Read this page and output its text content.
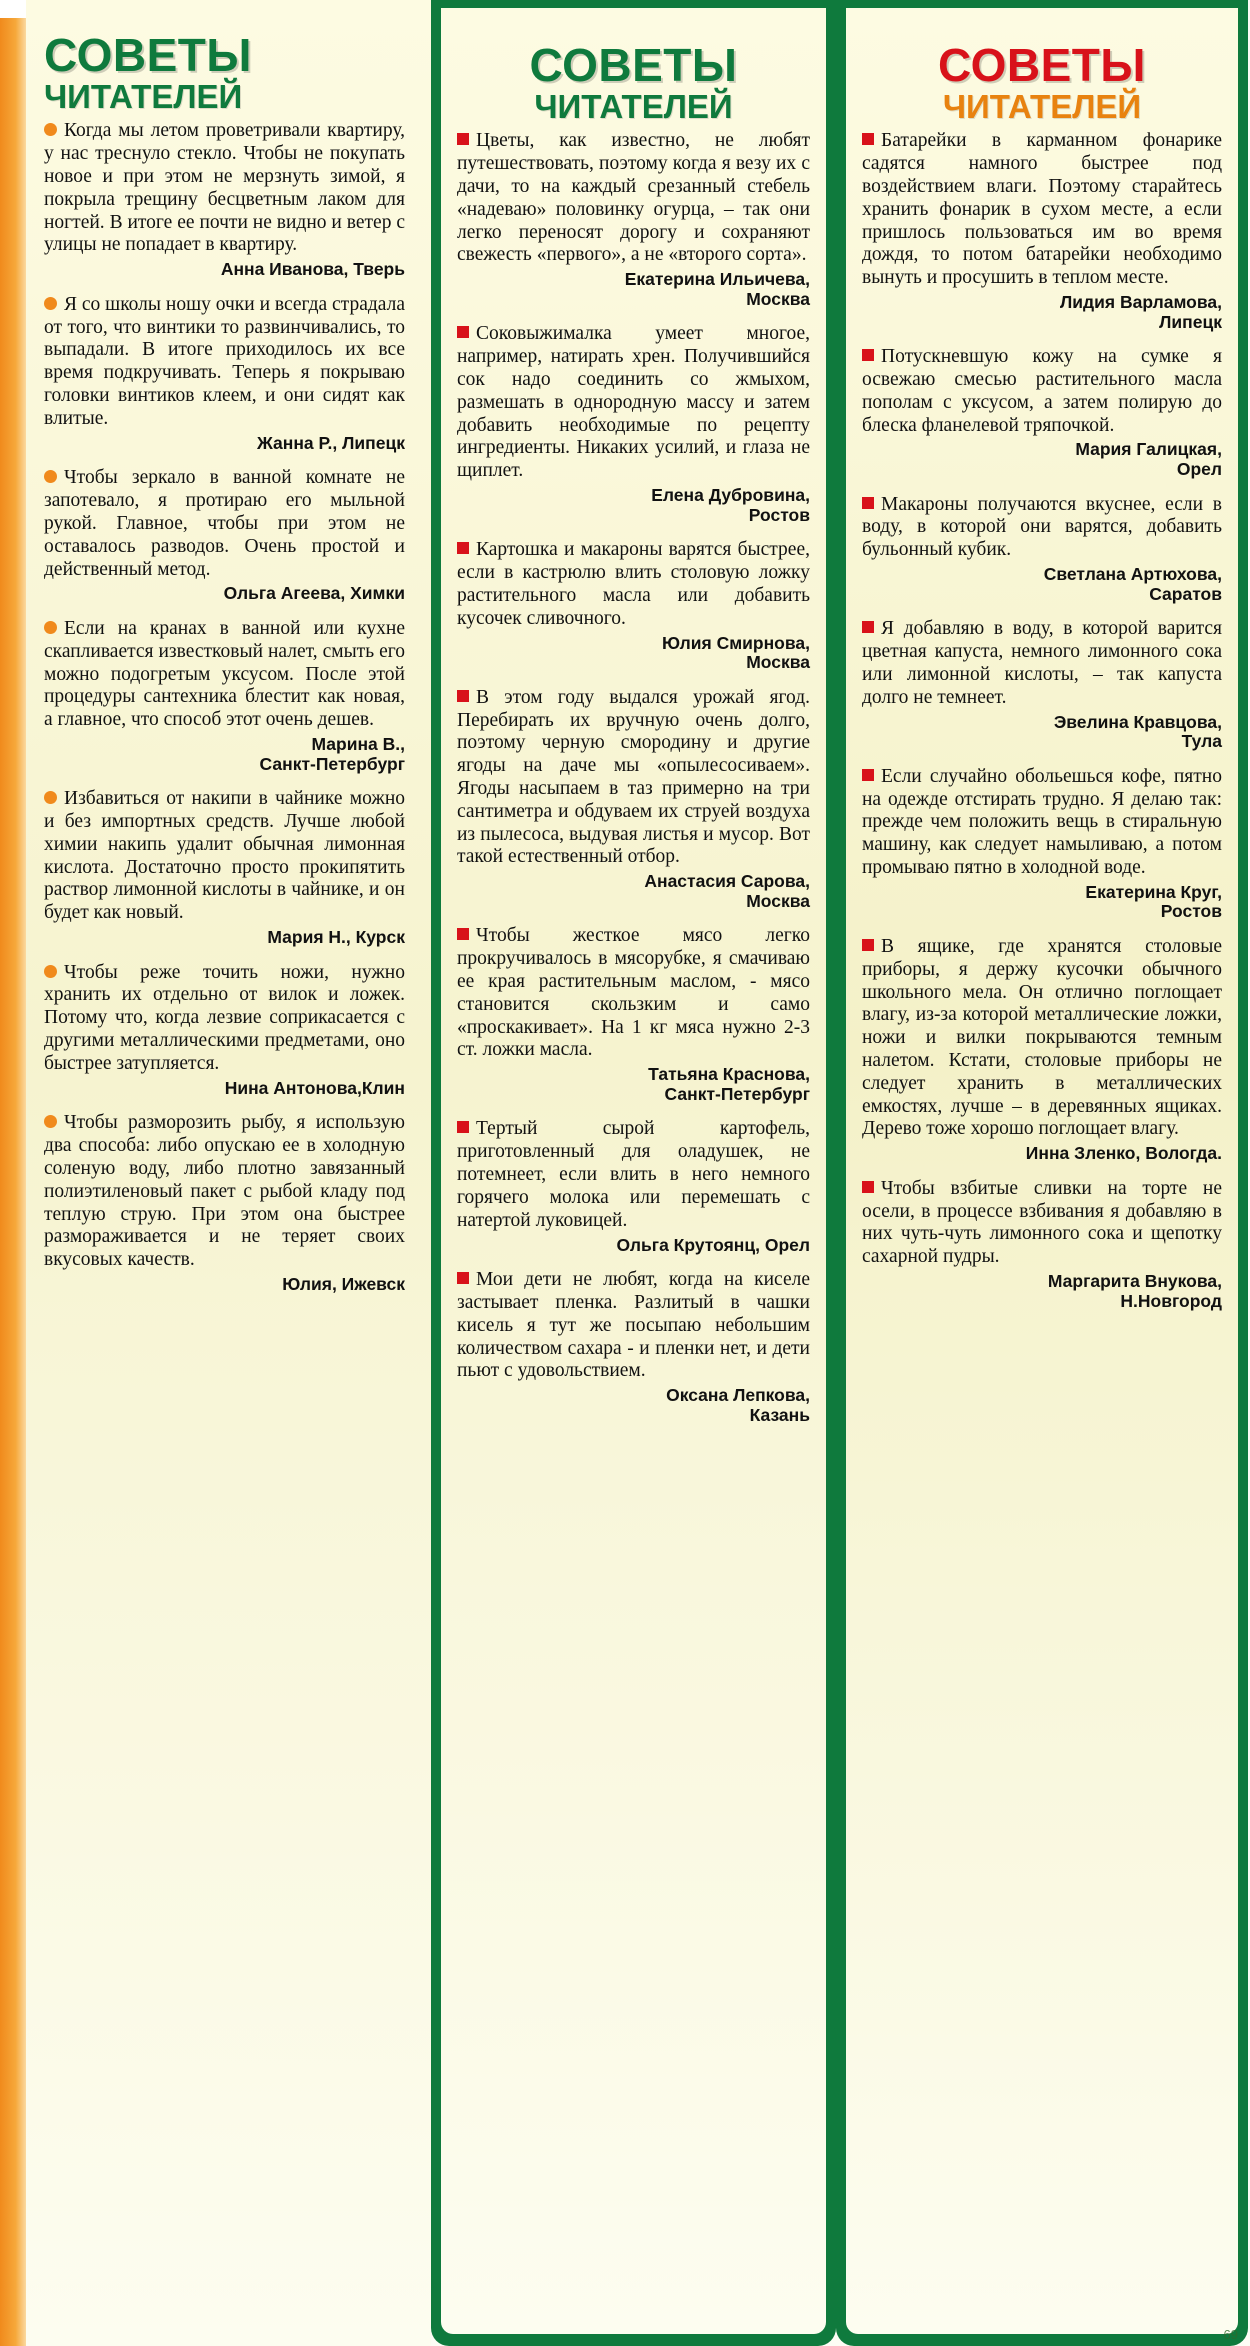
СОВЕТЫ
ЧИТАТЕЛЕЙ

Когда мы летом проветривали квартиру, у нас треснуло стекло. Чтобы не покупать новое и при этом не мерзнуть зимой, я покрыла трещину бесцветным лаком для ногтей. В итоге ее почти не видно и ветер с улицы не попадает в квартиру.

Анна Иванова, Тверь

Я со школы ношу очки и всегда страдала от того, что винтики то развинчивались, то выпадали. В итоге приходилось их все время подкручивать. Теперь я покрываю головки винтиков клеем, и они сидят как влитые.

Жанна Р., Липецк

Чтобы зеркало в ванной комнате не запотевало, я протираю его мыльной рукой. Главное, чтобы при этом не оставалось разводов. Очень простой и действенный метод.

Ольга Агеева, Химки

Если на кранах в ванной или кухне скапливается известковый налет, смыть его можно подогретым уксусом. После этой процедуры сантехника блестит как новая, а главное, что способ этот очень дешев.

Марина В.,
Санкт-Петербург

Избавиться от накипи в чайнике можно и без импортных средств. Лучше любой химии накипь удалит обычная лимонная кислота. Достаточно просто прокипятить раствор лимонной кислоты в чайнике, и он будет как новый.

Мария Н., Курск

Чтобы реже точить ножи, нужно хранить их отдельно от вилок и ложек. Потому что, когда лезвие соприкасается с другими металлическими предметами, оно быстрее затупляется.

Нина Антонова,Клин

Чтобы разморозить рыбу, я использую два способа: либо опускаю ее в холодную соленую воду, либо плотно завязанный полиэтиленовый пакет с рыбой кладу под теплую струю. При этом она быстрее размораживается и не теряет своих вкусовых качеств.

Юлия, Ижевск
СОВЕТЫ
ЧИТАТЕЛЕЙ

Цветы, как известно, не любят путешествовать, поэтому когда я везу их с дачи, то на каждый срезанный стебель «надеваю» половинку огурца, – так они легко переносят дорогу и сохраняют свежесть «первого», а не «второго сорта».

Екатерина Ильичева,
Москва

Соковыжималка умеет многое, например, натирать хрен. Получившийся сок надо соединить со жмыхом, размешать в однородную массу и затем добавить необходимые по рецепту ингредиенты. Никаких усилий, и глаза не щиплет.

Елена Дубровина,
Ростов

Картошка и макароны варятся быстрее, если в кастрюлю влить столовую ложку растительного масла или добавить кусочек сливочного.

Юлия Смирнова,
Москва

В этом году выдался урожай ягод. Перебирать их вручную очень долго, поэтому черную смородину и другие ягоды на даче мы «опылесосиваем». Ягоды насыпаем в таз примерно на три сантиметра и обдуваем их струей воздуха из пылесоса, выдувая листья и мусор. Вот такой естественный отбор.

Анастасия Сарова,
Москва

Чтобы жесткое мясо легко прокручивалось в мясорубке, я смачиваю ее края растительным маслом, - мясо становится скользким и само «проскакивает». На 1 кг мяса нужно 2-3 ст. ложки масла.

Татьяна Краснова,
Санкт-Петербург

Тертый сырой картофель, приготовленный для оладушек, не потемнеет, если влить в него немного горячего молока или перемешать с натертой луковицей.

Ольга Крутоянц, Орел

Мои дети не любят, когда на киселе застывает пленка. Разлитый в чашки кисель я тут же посыпаю небольшим количеством сахара - и пленки нет, и дети пьют с удовольствием.

Оксана Лепкова,
Казань
СОВЕТЫ
ЧИТАТЕЛЕЙ

Батарейки в карманном фонарике садятся намного быстрее под воздействием влаги. Поэтому старайтесь хранить фонарик в сухом месте, а если пришлось пользоваться им во время дождя, то потом батарейки необходимо вынуть и просушить в теплом месте.

Лидия Варламова,
Липецк

Потускневшую кожу на сумке я освежаю смесью растительного масла пополам с уксусом, а затем полирую до блеска фланелевой тряпочкой.

Мария Галицкая,
Орел

Макароны получаются вкуснее, если в воду, в которой они варятся, добавить бульонный кубик.

Светлана Артюхова,
Саратов

Я добавляю в воду, в которой варится цветная капуста, немного лимонного сока или лимонной кислоты, – так капуста долго не темнеет.

Эвелина Кравцова,
Тула

Если случайно обольешься кофе, пятно на одежде отстирать трудно. Я делаю так: прежде чем положить вещь в стиральную машину, как следует намыливаю, а потом промываю пятно в холодной воде.

Екатерина Круг,
Ростов

В ящике, где хранятся столовые приборы, я держу кусочки обычного школьного мела. Он отлично поглощает влагу, из-за которой металлические ложки, ножи и вилки покрываются темным налетом. Кстати, столовые приборы не следует хранить в металлических емкостях, лучше – в деревянных ящиках. Дерево тоже хорошо поглощает влагу.

Инна Зленко, Вологда.

Чтобы взбитые сливки на торте не осели, в процессе взбивания я добавляю в них чуть-чуть лимонного сока и щепотку сахарной пудры.

Маргарита Внукова,
Н.Новгород
69
